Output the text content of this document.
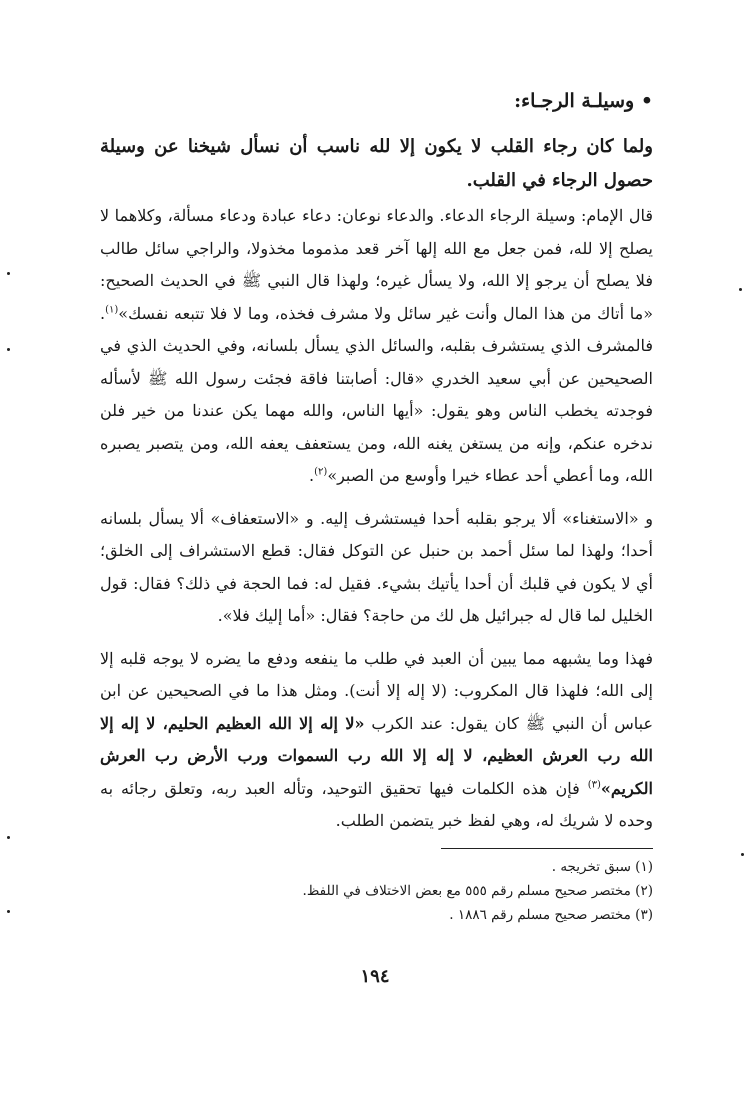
• وسيلـة الرجـاء:

ولما كان رجاء القلب لا يكون إلا لله ناسب أن نسأل شيخنا عن وسيلة حصول الرجاء في القلب.

قال الإمام: وسيلة الرجاء الدعاء. والدعاء نوعان: دعاء عبادة ودعاء مسألة، وكلاهما لا يصلح إلا لله، فمن جعل مع الله إلها آخر قعد مذموما مخذولا، والراجي سائل طالب فلا يصلح أن يرجو إلا الله، ولا يسأل غيره؛ ولهذا قال النبي ﷺ في الحديث الصحيح: «ما أتاك من هذا المال وأنت غير سائل ولا مشرف فخذه، وما لا فلا تتبعه نفسك»$^{(١)}$. فالمشرف الذي يستشرف بقلبه، والسائل الذي يسأل بلسانه، وفي الحديث الذي في الصحيحين عن أبي سعيد الخدري «قال: أصابتنا فاقة فجئت رسول الله ﷺ لأسأله فوجدته يخطب الناس وهو يقول: «أيها الناس، والله مهما يكن عندنا من خير فلن ندخره عنكم، وإنه من يستغن يغنه الله، ومن يستعفف يعفه الله، ومن يتصبر يصبره الله، وما أعطي أحد عطاء خيرا وأوسع من الصبر»$^{(٢)}$.

و «الاستغناء» ألا يرجو بقلبه أحدا فيستشرف إليه. و «الاستعفاف» ألا يسأل بلسانه أحدا؛ ولهذا لما سئل أحمد بن حنبل عن التوكل فقال: قطع الاستشراف إلى الخلق؛ أي لا يكون في قلبك أن أحدا يأتيك بشيء. فقيل له: فما الحجة في ذلك؟ فقال: قول الخليل لما قال له جبرائيل هل لك من حاجة؟ فقال: «أما إليك فلا».

فهذا وما يشبهه مما يبين أن العبد في طلب ما ينفعه ودفع ما يضره لا يوجه قلبه إلا إلى الله؛ فلهذا قال المكروب: (لا إله إلا أنت). ومثل هذا ما في الصحيحين عن ابن عباس أن النبي ﷺ كان يقول: عند الكرب «لا إله إلا الله العظيم الحليم، لا إله إلا الله رب العرش العظيم، لا إله إلا الله رب السموات ورب الأرض رب العرش الكريم»$^{(٣)}$ فإن هذه الكلمات فيها تحقيق التوحيد، وتأله العبد ربه، وتعلق رجائه به وحده لا شريك له، وهي لفظ خبر يتضمن الطلب.

(١) سبق تخريجه .

(٢) مختصر صحيح مسلم رقم ٥٥٥ مع بعض الاختلاف في اللفظ.

(٣) مختصر صحيح مسلم رقم ١٨٨٦ .

١٩٤
